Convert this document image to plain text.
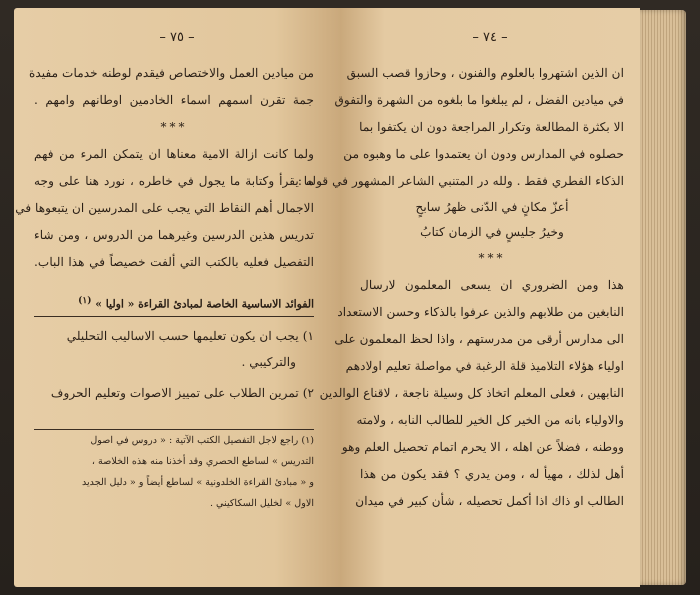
– ٧٥ –
من ميادين العمل والاختصاص فيقدم لوطنه خدمات مفيدة
جمة تقرن اسمهم اسماء الخادمين اوطانهم وامهم .
***
ولما كانت ازالة الامية معناها ان يتمكن المرء من فهم
ما يقرأ وكتابة ما يجول في خاطره ، نورد هنا على وجه
الاجمال أهم النقاط التي يجب على المدرسين ان يتبعوها في
تدريس هذين الدرسين وغيرهما من الدروس ، ومن شاء
التفصيل فعليه بالكتب التي ألفت خصيصاً في هذا الباب.
الفوائد الاساسية الخاصة لمبادئ القراءة « اوليا » $^{(١)}$
١) يجب ان يكون تعليمها حسب الاساليب التحليلي
والتركيبي .
٢) تمرين الطلاب على تمييز الاصوات وتعليم الحروف
(١) راجع لاجل التفصيل الكتب الآتية : « دروس في اصول
التدريس » لساطع الحصري وقد أخذنا منه هذه الخلاصة ،
و « مبادئ القراءة الخلدونية » لساطع أيضاً و « دليل الجديد
الاول » لخليل السكاكيني .
– ٧٤ –
ان الذين اشتهروا بالعلوم والفنون ، وحازوا قصب السبق
في ميادين الفضل ، لم يبلغوا ما بلغوه من الشهرة والتفوق
الا بكثرة المطالعة وتكرار المراجعة دون ان يكتفوا بما
حصلوه في المدارس ودون ان يعتمدوا على ما وهبوه من
الذكاء الفطري فقط . ولله در المتنبي الشاعر المشهور في قوله :
أعزّ مكانٍ في الدّنى ظهرُ سابحٍ
وخيرُ جليسٍ في الزمان كتابُ
***
هذا ومن الضروري ان يسعى المعلمون لارسال
النابغين من طلابهم والذين عرفوا بالذكاء وحسن الاستعداد
الى مدارس أرقى من مدرستهم ، واذا لحظ المعلمون على
اولياء هؤلاء التلاميذ قلة الرغبة في مواصلة تعليم اولادهم
النابهين ، فعلى المعلم اتخاذ كل وسيلة ناجعة ، لاقناع الوالدين
والاولياء بانه من الخير كل الخير للطالب النابه ، ولامته
ووطنه ، فضلاً عن اهله ، الا يحرم اتمام تحصيل العلم وهو
أهل لذلك ، مهيأ له ، ومن يدري ؟ فقد يكون من هذا
الطالب او ذاك اذا أكمل تحصيله ، شأن كبير في ميدان
